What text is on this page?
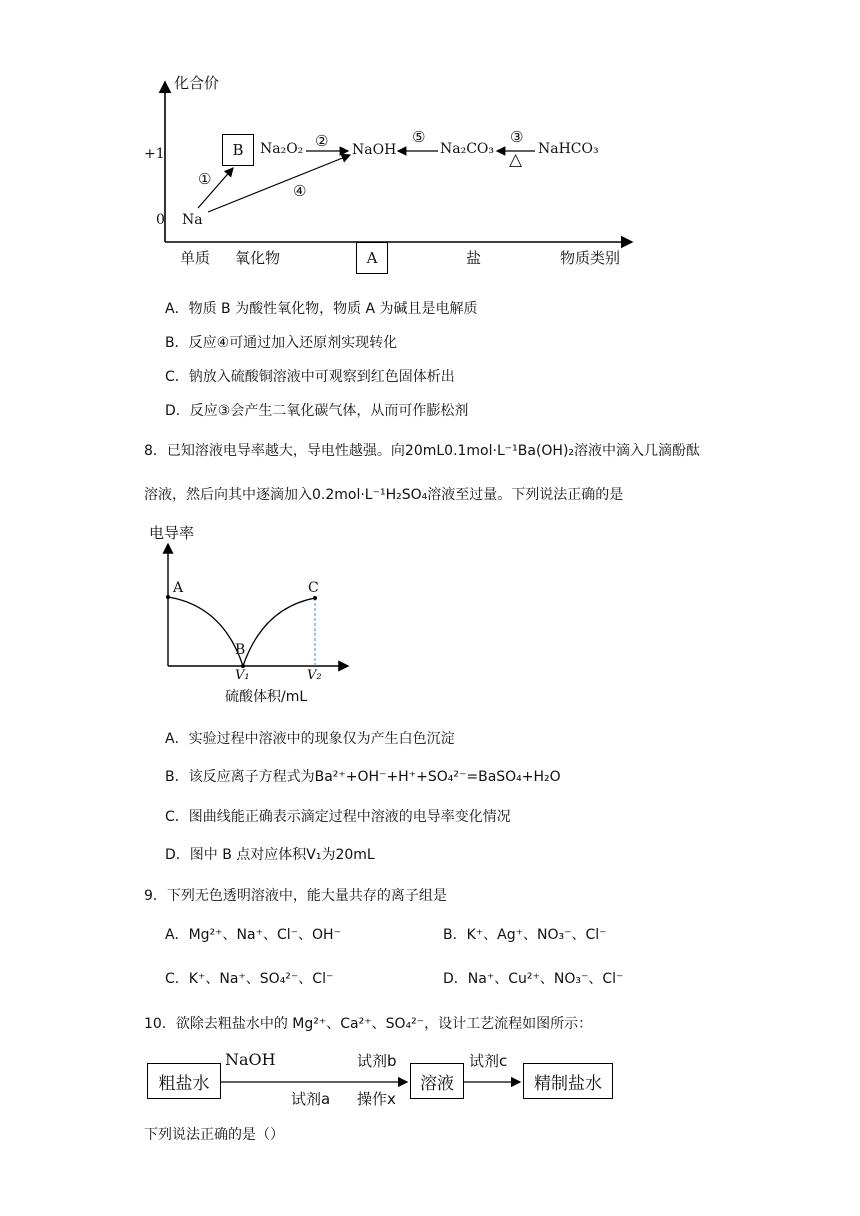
化合价
+1
0
B Na₂O₂	NaOH	Na₂CO₃	NaHCO₃
Na
①
②	③
△
④
⑤
单质 氧化物	A	盐	物质类别
A．物质 B 为酸性氧化物，物质 A 为碱且是电解质
B．反应④可通过加入还原剂实现转化
C．钠放入硫酸铜溶液中可观察到红色固体析出
D．反应③会产生二氧化碳气体，从而可作膨松剂
8．已知溶液电导率越大，导电性越强。向20mL0.1mol·L⁻¹Ba(OH)₂溶液中滴入几滴酚酞
溶液，然后向其中逐滴加入0.2mol·L⁻¹H₂SO₄溶液至过量。下列说法正确的是
电导率
A
B
C
V₁	V₂
硫酸体积/mL
A．实验过程中溶液中的现象仅为产生白色沉淀
B．该反应离子方程式为Ba²⁺+OH⁻+H⁺+SO₄²⁻=BaSO₄+H₂O
C．图曲线能正确表示滴定过程中溶液的电导率变化情况
D．图中 B 点对应体积V₁为20mL
9．下列无色透明溶液中，能大量共存的离子组是
A．Mg²⁺、Na⁺、Cl⁻、OH⁻	B．K⁺、Ag⁺、NO₃⁻、Cl⁻
C．K⁺、Na⁺、SO₄²⁻、Cl⁻	D．Na⁺、Cu²⁺、NO₃⁻、Cl⁻
10．欲除去粗盐水中的 Mg²⁺、Ca²⁺、SO₄²⁻，设计工艺流程如图所示：
粗盐水	溶液	精制盐水
NaOH
试剂a
试剂b
操作x
试剂c
下列说法正确的是（）
